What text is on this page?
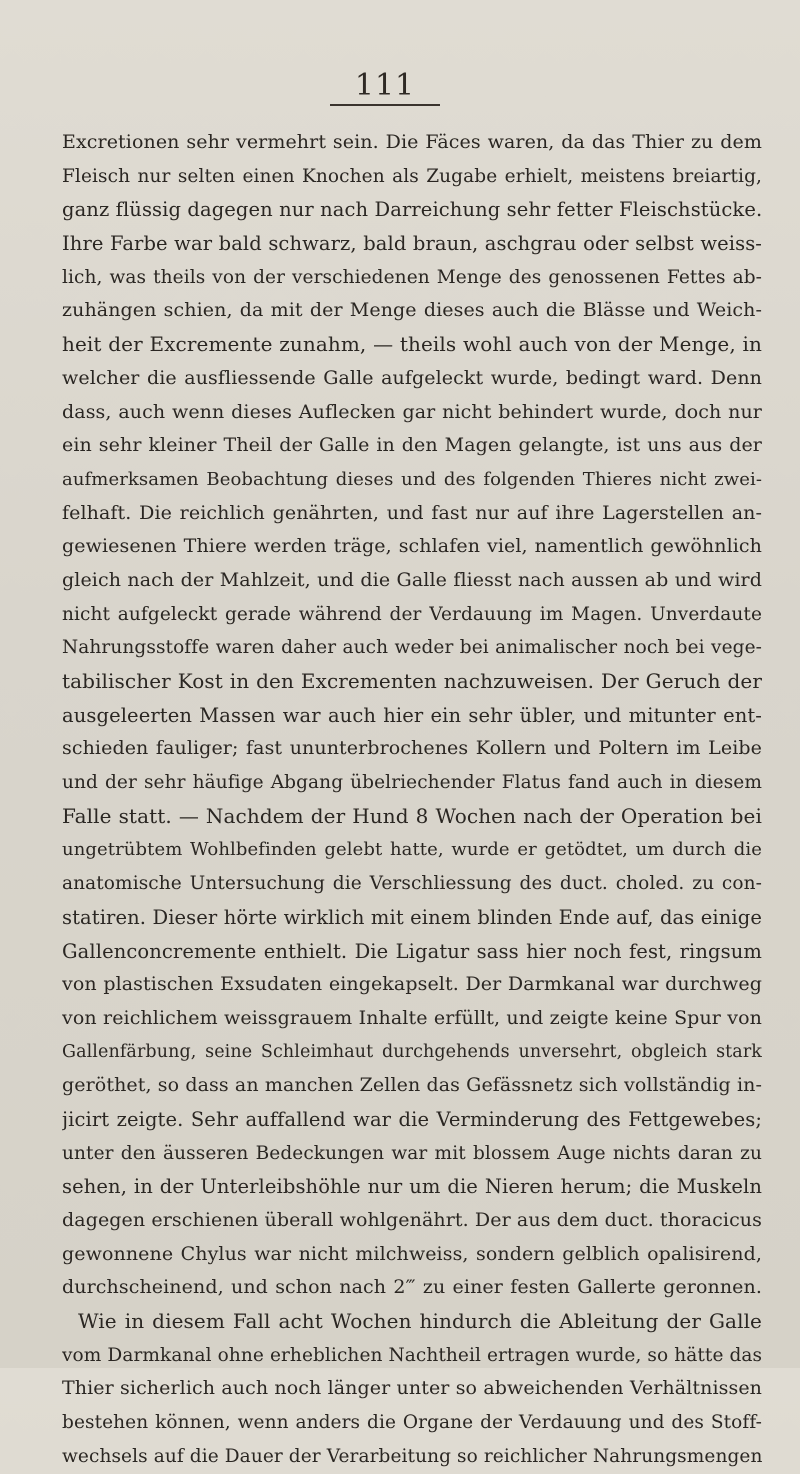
111
Excretionen sehr vermehrt sein. Die Fäces waren, da das Thier zu dem
Fleisch nur selten einen Knochen als Zugabe erhielt, meistens breiartig,
ganz flüssig dagegen nur nach Darreichung sehr fetter Fleischstücke.
Ihre Farbe war bald schwarz, bald braun, aschgrau oder selbst weiss-
lich, was theils von der verschiedenen Menge des genossenen Fettes ab-
zuhängen schien, da mit der Menge dieses auch die Blässe und Weich-
heit der Excremente zunahm, — theils wohl auch von der Menge, in
welcher die ausfliessende Galle aufgeleckt wurde, bedingt ward. Denn
dass, auch wenn dieses Auflecken gar nicht behindert wurde, doch nur
ein sehr kleiner Theil der Galle in den Magen gelangte, ist uns aus der
aufmerksamen Beobachtung dieses und des folgenden Thieres nicht zwei-
felhaft. Die reichlich genährten, und fast nur auf ihre Lagerstellen an-
gewiesenen Thiere werden träge, schlafen viel, namentlich gewöhnlich
gleich nach der Mahlzeit, und die Galle fliesst nach aussen ab und wird
nicht aufgeleckt gerade während der Verdauung im Magen. Unverdaute
Nahrungsstoffe waren daher auch weder bei animalischer noch bei vege-
tabilischer Kost in den Excrementen nachzuweisen. Der Geruch der
ausgeleerten Massen war auch hier ein sehr übler, und mitunter ent-
schieden fauliger; fast ununterbrochenes Kollern und Poltern im Leibe
und der sehr häufige Abgang übelriechender Flatus fand auch in diesem
Falle statt. — Nachdem der Hund 8 Wochen nach der Operation bei
ungetrübtem Wohlbefinden gelebt hatte, wurde er getödtet, um durch die
anatomische Untersuchung die Verschliessung des duct. choled. zu con-
statiren. Dieser hörte wirklich mit einem blinden Ende auf, das einige
Gallenconcremente enthielt. Die Ligatur sass hier noch fest, ringsum
von plastischen Exsudaten eingekapselt. Der Darmkanal war durchweg
von reichlichem weissgrauem Inhalte erfüllt, und zeigte keine Spur von
Gallenfärbung, seine Schleimhaut durchgehends unversehrt, obgleich stark
geröthet, so dass an manchen Zellen das Gefässnetz sich vollständig in-
jicirt zeigte. Sehr auffallend war die Verminderung des Fettgewebes;
unter den äusseren Bedeckungen war mit blossem Auge nichts daran zu
sehen, in der Unterleibshöhle nur um die Nieren herum; die Muskeln
dagegen erschienen überall wohlgenährt. Der aus dem duct. thoracicus
gewonnene Chylus war nicht milchweiss, sondern gelblich opalisirend,
durchscheinend, und schon nach 2‴ zu einer festen Gallerte geronnen.
Wie in diesem Fall acht Wochen hindurch die Ableitung der Galle
vom Darmkanal ohne erheblichen Nachtheil ertragen wurde, so hätte das
Thier sicherlich auch noch länger unter so abweichenden Verhältnissen
bestehen können, wenn anders die Organe der Verdauung und des Stoff-
wechsels auf die Dauer der Verarbeitung so reichlicher Nahrungsmengen
